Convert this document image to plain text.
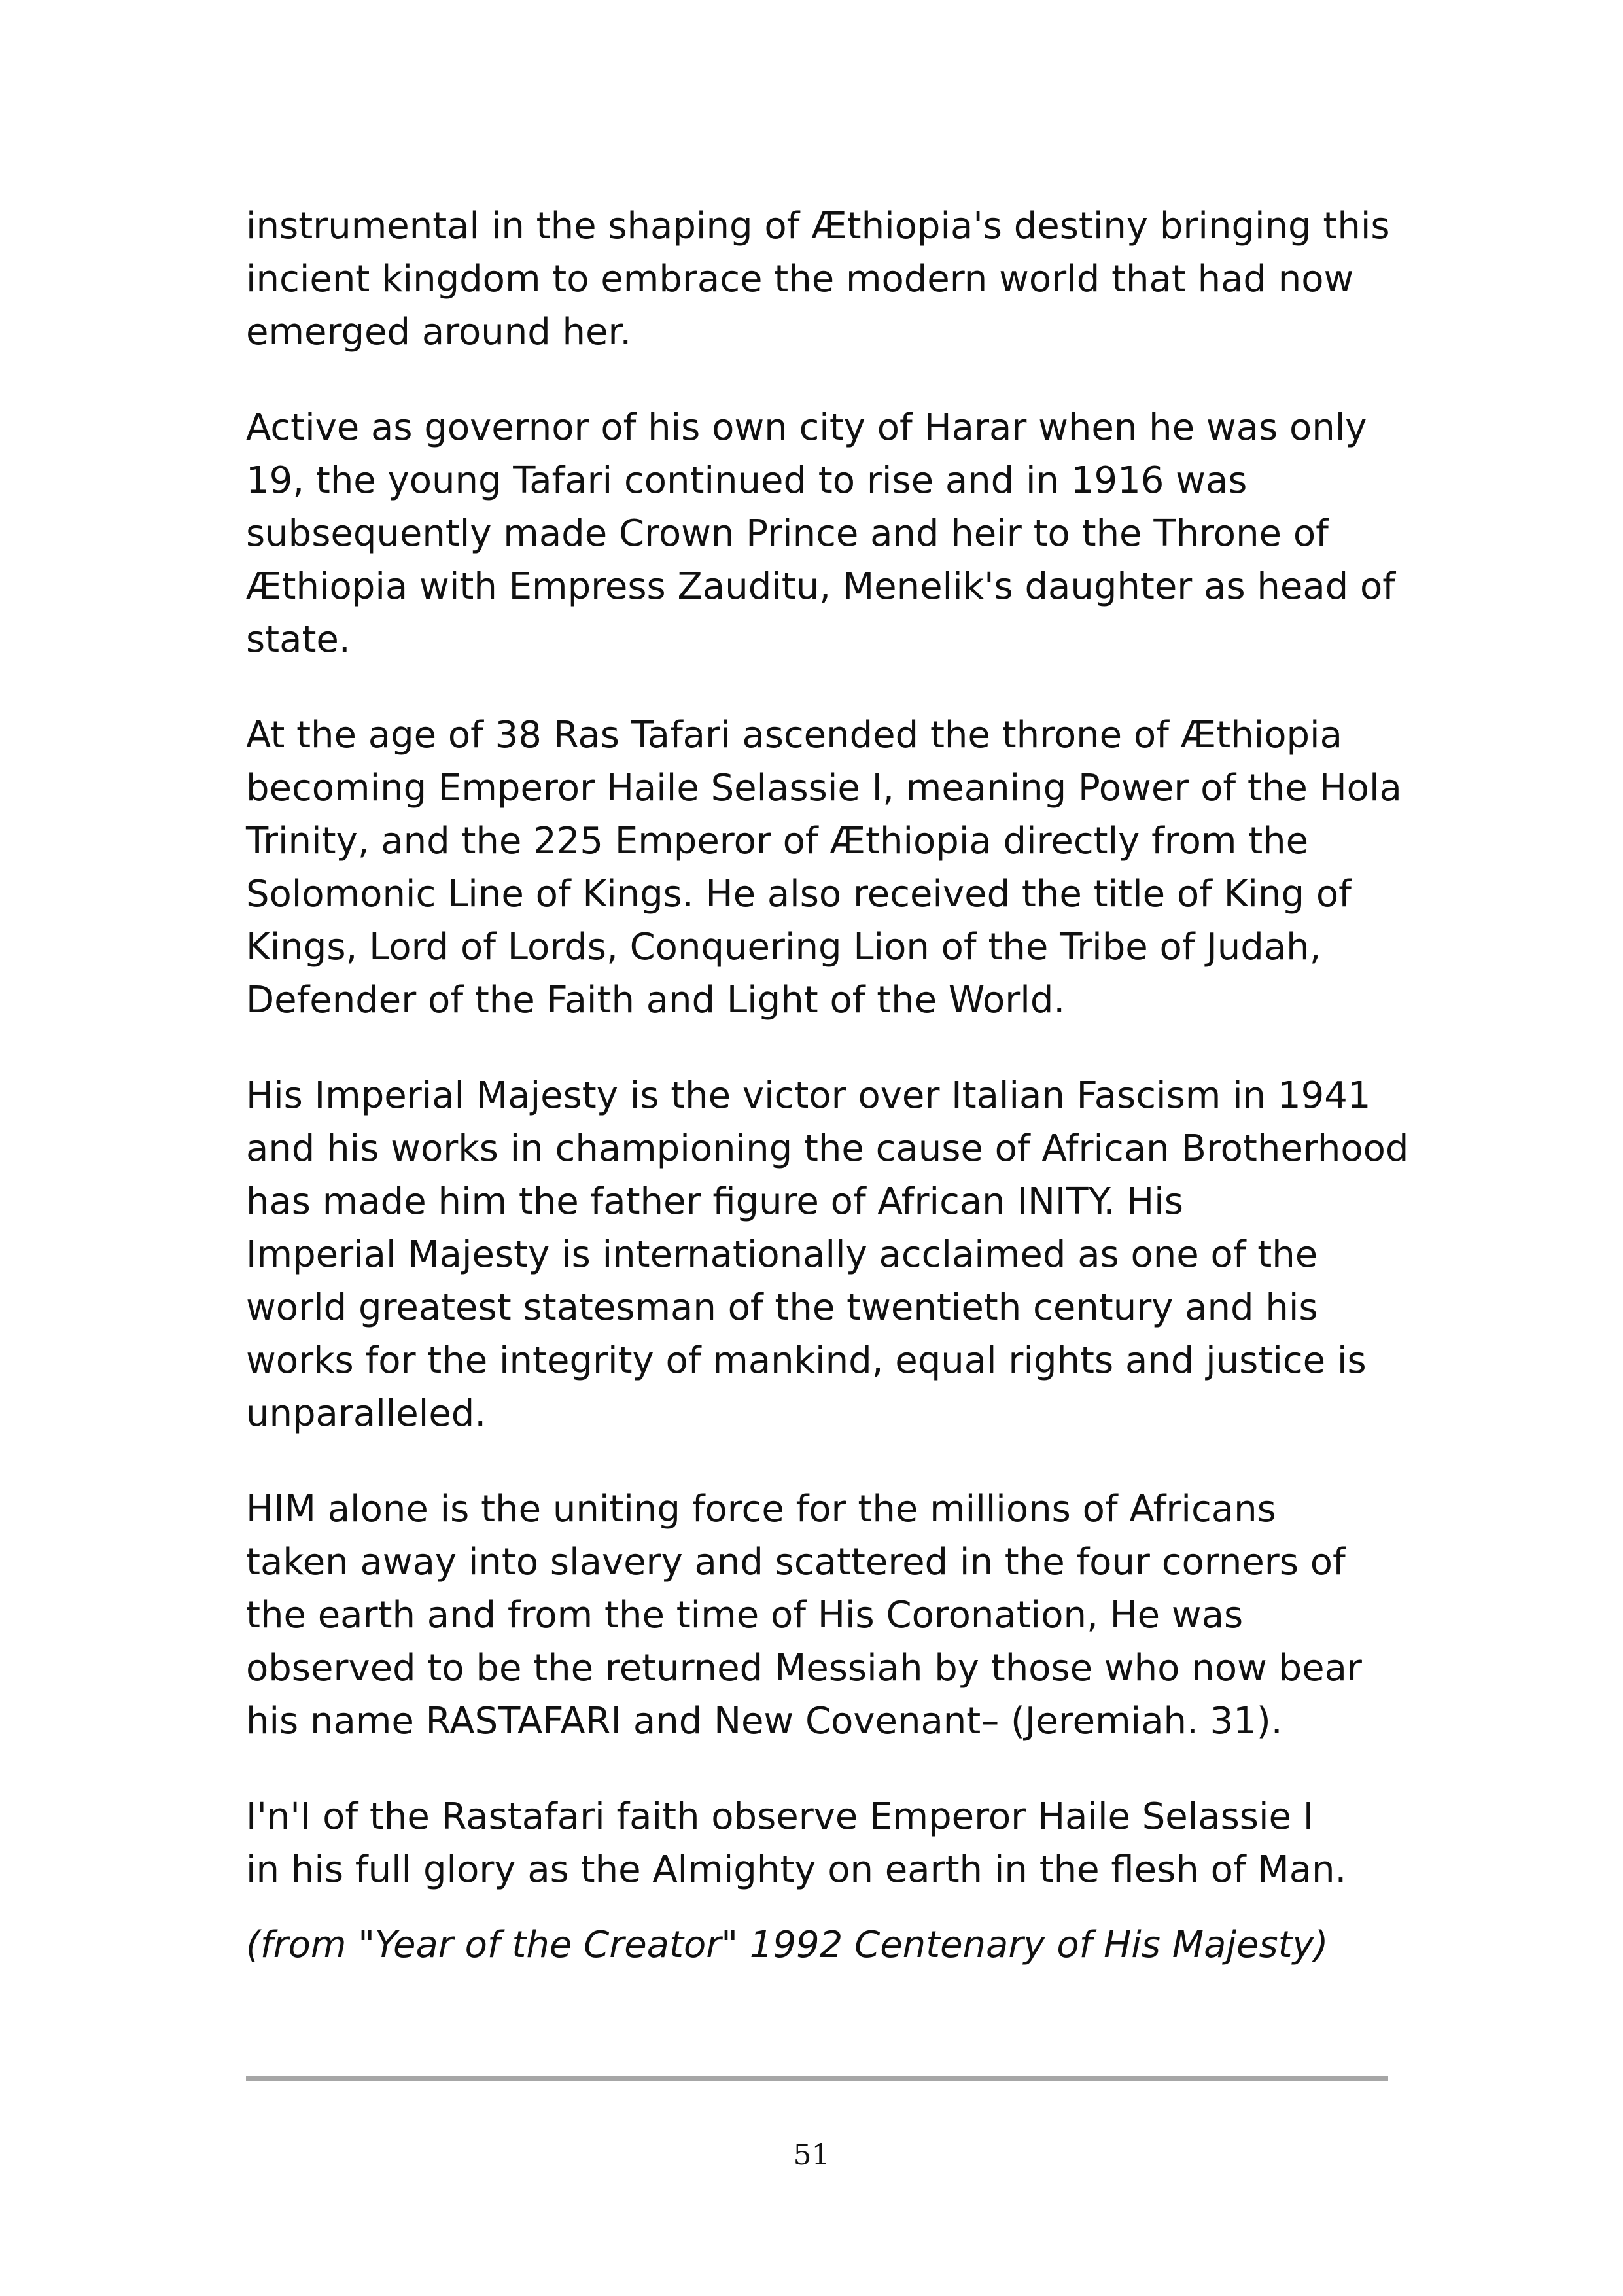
instrumental in the shaping of Æthiopia's destiny bringing this
incient kingdom to embrace the modern world that had now
emerged around her.

Active as governor of his own city of Harar when he was only
19, the young Tafari continued to rise and in 1916 was
subsequently made Crown Prince and heir to the Throne of
Æthiopia with Empress Zauditu, Menelik's daughter as head of
state.

At the age of 38 Ras Tafari ascended the throne of Æthiopia
becoming Emperor Haile Selassie I, meaning Power of the Hola
Trinity, and the 225 Emperor of Æthiopia directly from the
Solomonic Line of Kings. He also received the title of King of
Kings, Lord of Lords, Conquering Lion of the Tribe of Judah,
Defender of the Faith and Light of the World.

His Imperial Majesty is the victor over Italian Fascism in 1941
and his works in championing the cause of African Brotherhood
has made him the father figure of African INITY. His
Imperial Majesty is internationally acclaimed as one of the
world greatest statesman of the twentieth century and his
works for the integrity of mankind, equal rights and justice is
unparalleled.

HIM alone is the uniting force for the millions of Africans
taken away into slavery and scattered in the four corners of
the earth and from the time of His Coronation, He was
observed to be the returned Messiah by those who now bear
his name RASTAFARI and New Covenant– (Jeremiah. 31).

I'n'I of the Rastafari faith observe Emperor Haile Selassie I
in his full glory as the Almighty on earth in the flesh of Man.

(from "Year of the Creator" 1992 Centenary of His Majesty)
51
